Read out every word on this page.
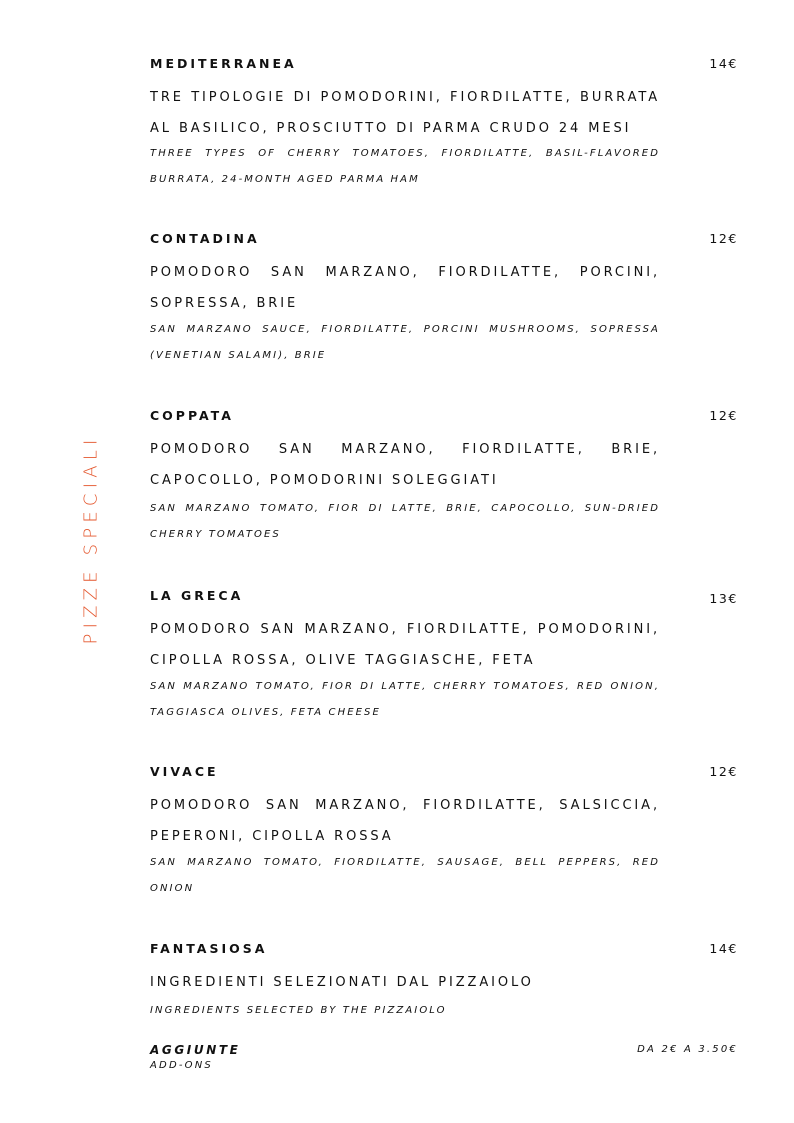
PIZZE SPECIALI
MEDITERRANEA	14€
TRE TIPOLOGIE DI POMODORINI, FIORDILATTE, BURRATA AL BASILICO, PROSCIUTTO DI PARMA CRUDO 24 MESI
THREE TYPES OF CHERRY TOMATOES, FIORDILATTE, BASIL-FLAVORED BURRATA, 24-MONTH AGED PARMA HAM
CONTADINA	12€
POMODORO SAN MARZANO, FIORDILATTE, PORCINI, SOPRESSA, BRIE
SAN MARZANO SAUCE, FIORDILATTE, PORCINI MUSHROOMS, SOPRESSA (VENETIAN SALAMI), BRIE
COPPATA	12€
POMODORO SAN MARZANO, FIORDILATTE, BRIE, CAPOCOLLO, POMODORINI SOLEGGIATI
SAN MARZANO TOMATO, FIOR DI LATTE, BRIE, CAPOCOLLO, SUN-DRIED CHERRY TOMATOES
LA GRECA	13€
POMODORO SAN MARZANO, FIORDILATTE, POMODORINI, CIPOLLA ROSSA, OLIVE TAGGIASCHE, FETA
SAN MARZANO TOMATO, FIOR DI LATTE, CHERRY TOMATOES, RED ONION, TAGGIASCA OLIVES, FETA CHEESE
VIVACE	12€
POMODORO SAN MARZANO, FIORDILATTE, SALSICCIA, PEPERONI, CIPOLLA ROSSA
SAN MARZANO TOMATO, FIORDILATTE, SAUSAGE, BELL PEPPERS, RED ONION
FANTASIOSA	14€
INGREDIENTI SELEZIONATI DAL PIZZAIOLO
INGREDIENTS SELECTED BY THE PIZZAIOLO
AGGIUNTE
ADD-ONS
DA 2€ A 3.50€
